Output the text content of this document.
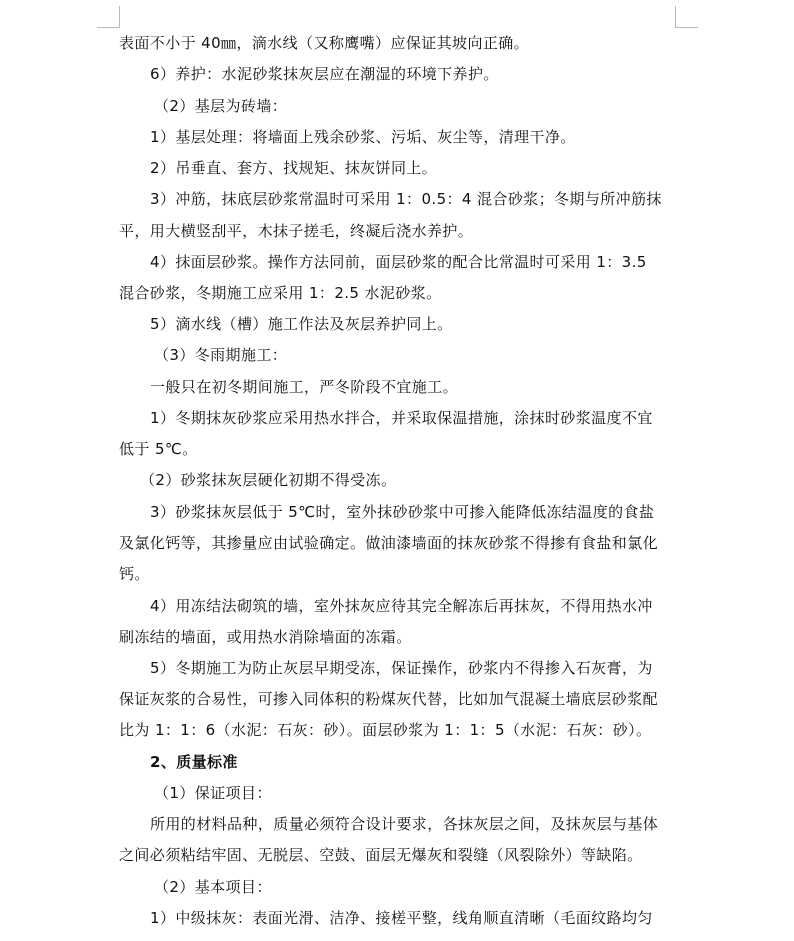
表面不小于 40㎜，滴水线（又称鹰嘴）应保证其坡向正确。
6）养护：水泥砂浆抹灰层应在潮湿的环境下养护。
（2）基层为砖墙：
1）基层处理：将墙面上残余砂浆、污垢、灰尘等，清理干净。
2）吊垂直、套方、找规矩、抹灰饼同上。
3）冲筋，抹底层砂浆常温时可采用 1：0.5：4 混合砂浆；冬期与所冲筋抹
平，用大横竖刮平，木抹子搓毛，终凝后浇水养护。
4）抹面层砂浆。操作方法同前，面层砂浆的配合比常温时可采用 1：3.5
混合砂浆，冬期施工应采用 1：2.5 水泥砂浆。
5）滴水线（槽）施工作法及灰层养护同上。
（3）冬雨期施工：
一般只在初冬期间施工，严冬阶段不宜施工。
1）冬期抹灰砂浆应采用热水拌合，并采取保温措施，涂抹时砂浆温度不宜
低于 5℃。
（2）砂浆抹灰层硬化初期不得受冻。
3）砂浆抹灰层低于 5℃时，室外抹砂砂浆中可掺入能降低冻结温度的食盐
及氯化钙等，其掺量应由试验确定。做油漆墙面的抹灰砂浆不得掺有食盐和氯化
钙。
4）用冻结法砌筑的墙，室外抹灰应待其完全解冻后再抹灰，不得用热水冲
刷冻结的墙面，或用热水消除墙面的冻霜。
5）冬期施工为防止灰层早期受冻，保证操作，砂浆内不得掺入石灰膏，为
保证灰浆的合易性，可掺入同体积的粉煤灰代替，比如加气混凝土墙底层砂浆配
比为 1：1：6（水泥：石灰：砂）。面层砂浆为 1：1：5（水泥：石灰：砂）。
2、质量标准
（1）保证项目：
所用的材料品种，质量必须符合设计要求，各抹灰层之间，及抹灰层与基体
之间必须粘结牢固、无脱层、空鼓、面层无爆灰和裂缝（风裂除外）等缺陷。
（2）基本项目：
1）中级抹灰：表面光滑、洁净、接槎平整，线角顺直清晰（毛面纹路均匀
